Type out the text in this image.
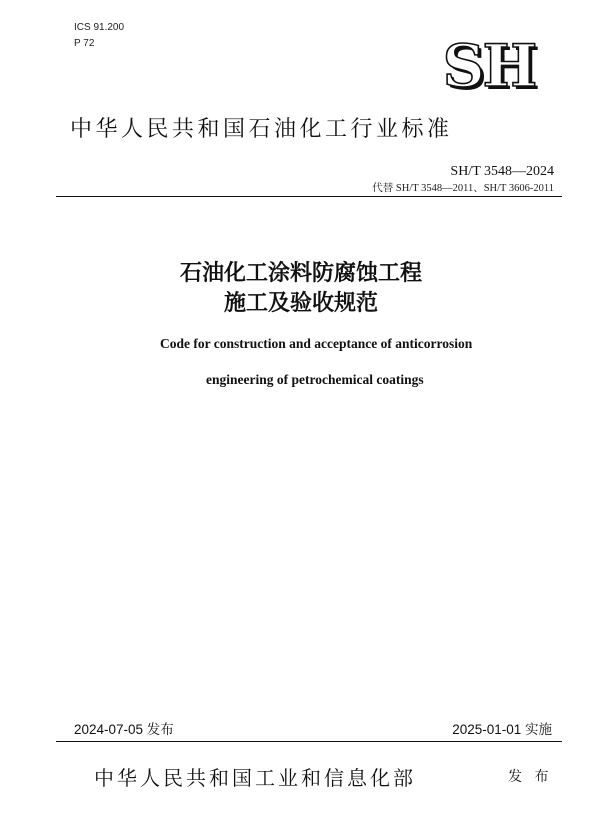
ICS 91.200
P 72	SH
中华人民共和国石油化工行业标准
SH/T 3548—2024
代替 SH/T 3548—2011、SH/T 3606-2011
石油化工涂料防腐蚀工程
施工及验收规范
Code for construction and acceptance of anticorrosion
engineering of petrochemical coatings
2024-07-05 发布	2025-01-01 实施
中华人民共和国工业和信息化部	发 布
